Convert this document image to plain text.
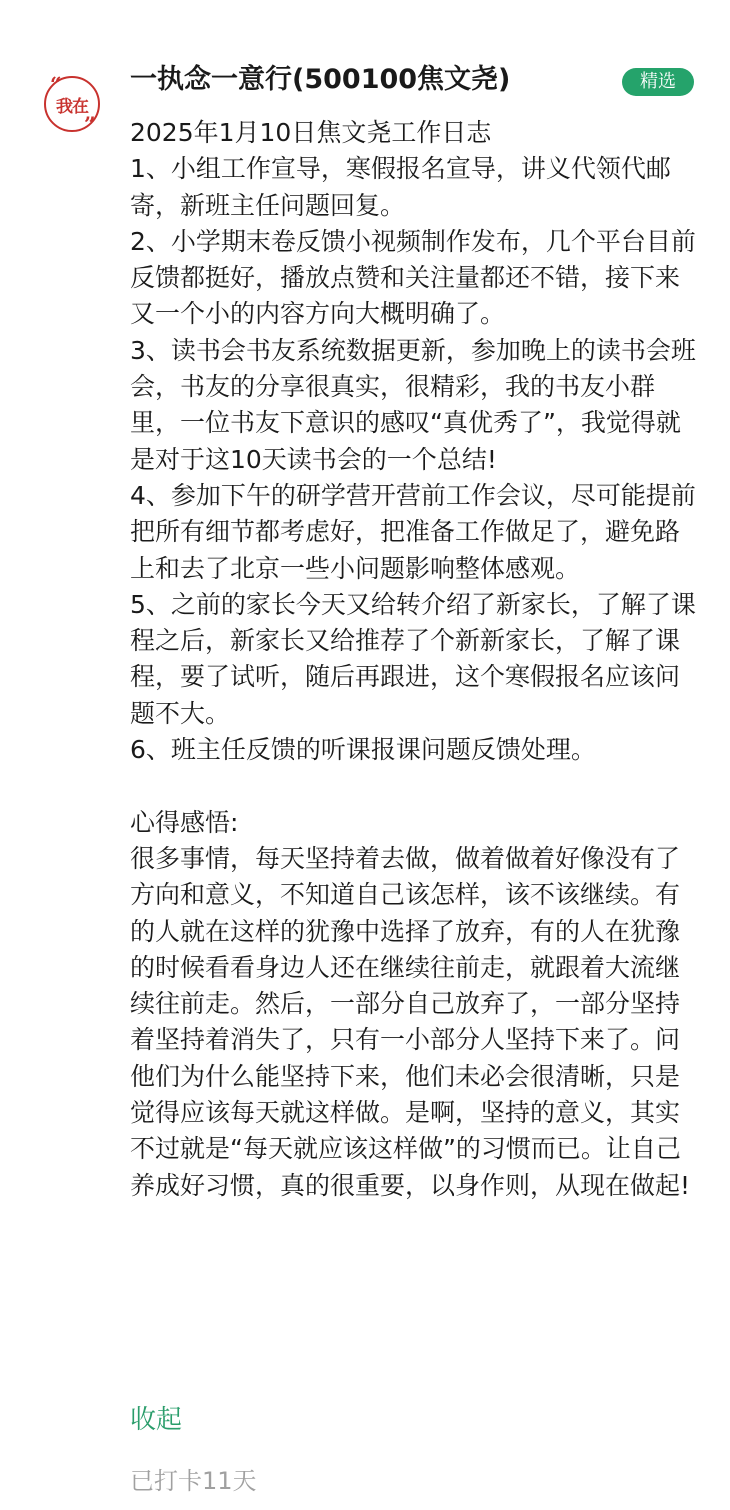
我在
“
”
一执念一意行(500100焦文尧)	精选

2025年1月10日焦文尧工作日志

1、小组工作宣导，寒假报名宣导，讲义代领代邮寄，新班主任问题回复。

2、小学期末卷反馈小视频制作发布，几个平台目前反馈都挺好，播放点赞和关注量都还不错，接下来又一个小的内容方向大概明确了。

3、读书会书友系统数据更新，参加晚上的读书会班会，书友的分享很真实，很精彩，我的书友小群里，一位书友下意识的感叹“真优秀了”，我觉得就是对于这10天读书会的一个总结!

4、参加下午的研学营开营前工作会议，尽可能提前把所有细节都考虑好，把准备工作做足了，避免路上和去了北京一些小问题影响整体感观。

5、之前的家长今天又给转介绍了新家长，了解了课程之后，新家长又给推荐了个新新家长，了解了课程，要了试听，随后再跟进，这个寒假报名应该问题不大。

6、班主任反馈的听课报课问题反馈处理。

心得感悟:

很多事情，每天坚持着去做，做着做着好像没有了方向和意义，不知道自己该怎样，该不该继续。有的人就在这样的犹豫中选择了放弃，有的人在犹豫的时候看看身边人还在继续往前走，就跟着大流继续往前走。然后，一部分自己放弃了，一部分坚持着坚持着消失了，只有一小部分人坚持下来了。问他们为什么能坚持下来，他们未必会很清晰，只是觉得应该每天就这样做。是啊，坚持的意义，其实不过就是“每天就应该这样做”的习惯而已。让自己养成好习惯，真的很重要，以身作则，从现在做起!

收起
已打卡11天
